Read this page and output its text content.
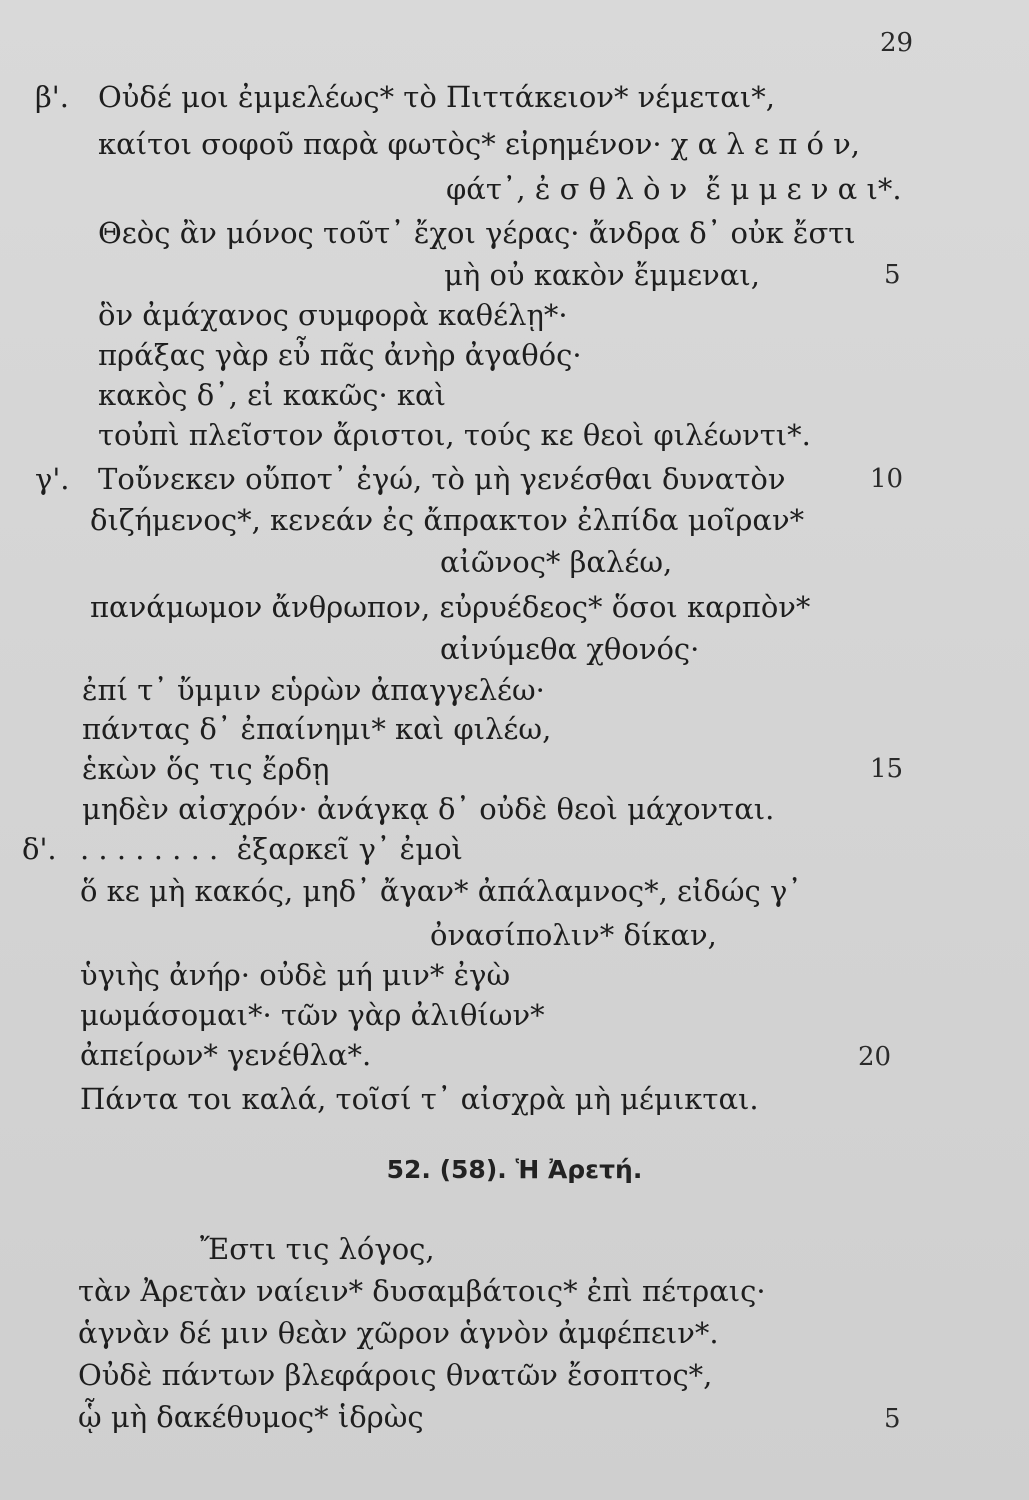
29
β'. Οὐδέ μοι ἐμμελέως* τὸ Πιττάκειον* νέμεται*,
καίτοι σοφοῦ παρὰ φωτὸς* εἰρημένον· χ α λ ε π ό ν,
φάτ᾽, ἐ σ θ λ ὸ ν  ἔ μ μ ε ν α ι*.
Θεὸς ἂν μόνος τοῦτ᾽ ἔχοι γέρας· ἄνδρα δ᾽ οὐκ ἔστι
μὴ οὐ κακὸν ἔμμεναι,	5
ὃν ἀμάχανος συμφορὰ καθέλῃ*·
πράξας γὰρ εὖ πᾶς ἀνὴρ ἀγαθός·
κακὸς δ᾽, εἰ κακῶς· καὶ
τοὐπὶ πλεῖστον ἄριστοι, τούς κε θεοὶ φιλέωντι*.
γ'. Τοὔνεκεν οὔποτ᾽ ἐγώ, τὸ μὴ γενέσθαι δυνατὸν	10
διζήμενος*, κενεάν ἐς ἄπρακτον ἐλπίδα μοῖραν*
αἰῶνος* βαλέω,
πανάμωμον ἄνθρωπον, εὐρυέδεος* ὅσοι καρπὸν*
αἰνύμεθα χθονός·
ἐπί τ᾽ ὔμμιν εὑρὼν ἀπαγγελέω·
πάντας δ᾽ ἐπαίνημι* καὶ φιλέω,
ἑκὼν ὅς τις ἔρδῃ	15
μηδὲν αἰσχρόν· ἀνάγκᾳ δ᾽ οὐδὲ θεοὶ μάχονται.
δ'. . . . . . . . .  ἐξαρκεῖ γ᾽ ἐμοὶ
ὅ κε μὴ κακός, μηδ᾽ ἄγαν* ἀπάλαμνος*, εἰδώς γ᾽
ὀνασίπολιν* δίκαν,
ὑγιὴς ἀνήρ· οὐδὲ μή μιν* ἐγὼ
μωμάσομαι*· τῶν γὰρ ἀλιθίων*
ἀπείρων* γενέθλα*.	20
Πάντα τοι καλά, τοῖσί τ᾽ αἰσχρὰ μὴ μέμικται.
52. (58). Ἡ Ἀρετή.
Ἔστι τις λόγος,
τὰν Ἀρετὰν ναίειν* δυσαμβάτοις* ἐπὶ πέτραις·
ἁγνὰν δέ μιν θεὰν χῶρον ἁγνὸν ἀμφέπειν*.
Οὐδὲ πάντων βλεφάροις θνατῶν ἔσοπτος*,
ᾧ μὴ δακέθυμος* ἱδρὼς	5
